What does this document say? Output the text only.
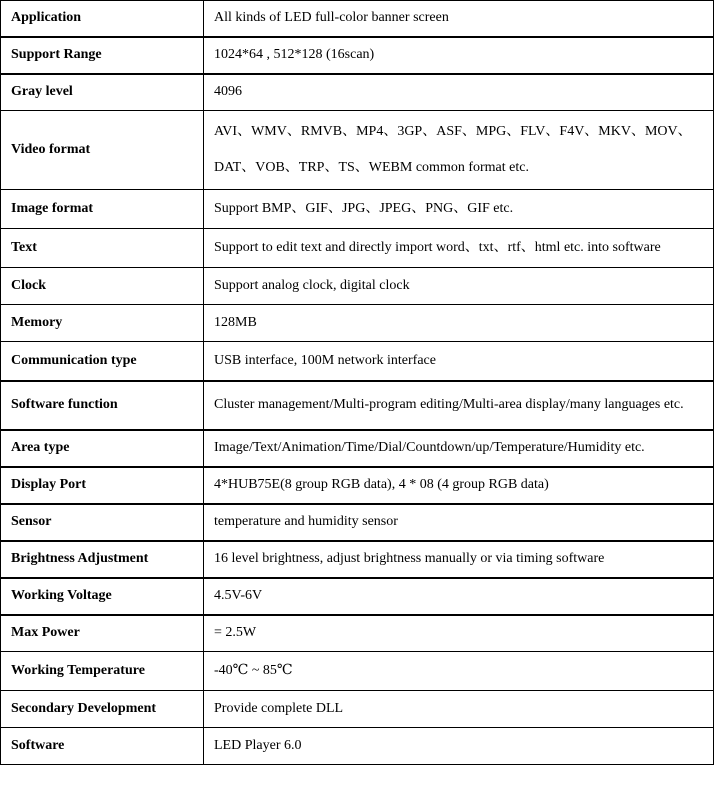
Application	All kinds of LED full-color banner screen
Support Range	1024*64 , 512*128 (16scan)
Gray level	4096
Video format	AVI、WMV、RMVB、MP4、3GP、ASF、MPG、FLV、F4V、MKV、MOV、
DAT、VOB、TRP、TS、WEBM common format etc.

Image format	Support BMP、GIF、JPG、JPEG、PNG、GIF etc.
Text	Support to edit text and directly import word、txt、rtf、html etc. into software
Clock	Support analog clock, digital clock
Memory	128MB
Communication type	USB interface, 100M network interface
Software function	Cluster management/Multi-program editing/Multi-area display/many languages etc.
Area type	Image/Text/Animation/Time/Dial/Countdown/up/Temperature/Humidity etc.
Display Port	4*HUB75E(8 group RGB data), 4 * 08 (4 group RGB data)
Sensor	temperature and humidity sensor
Brightness Adjustment	16 level brightness, adjust brightness manually or via timing software
Working Voltage	4.5V-6V
Max Power	= 2.5W
Working Temperature	-40℃ ~ 85℃
Secondary Development	Provide complete DLL
Software	LED Player 6.0
